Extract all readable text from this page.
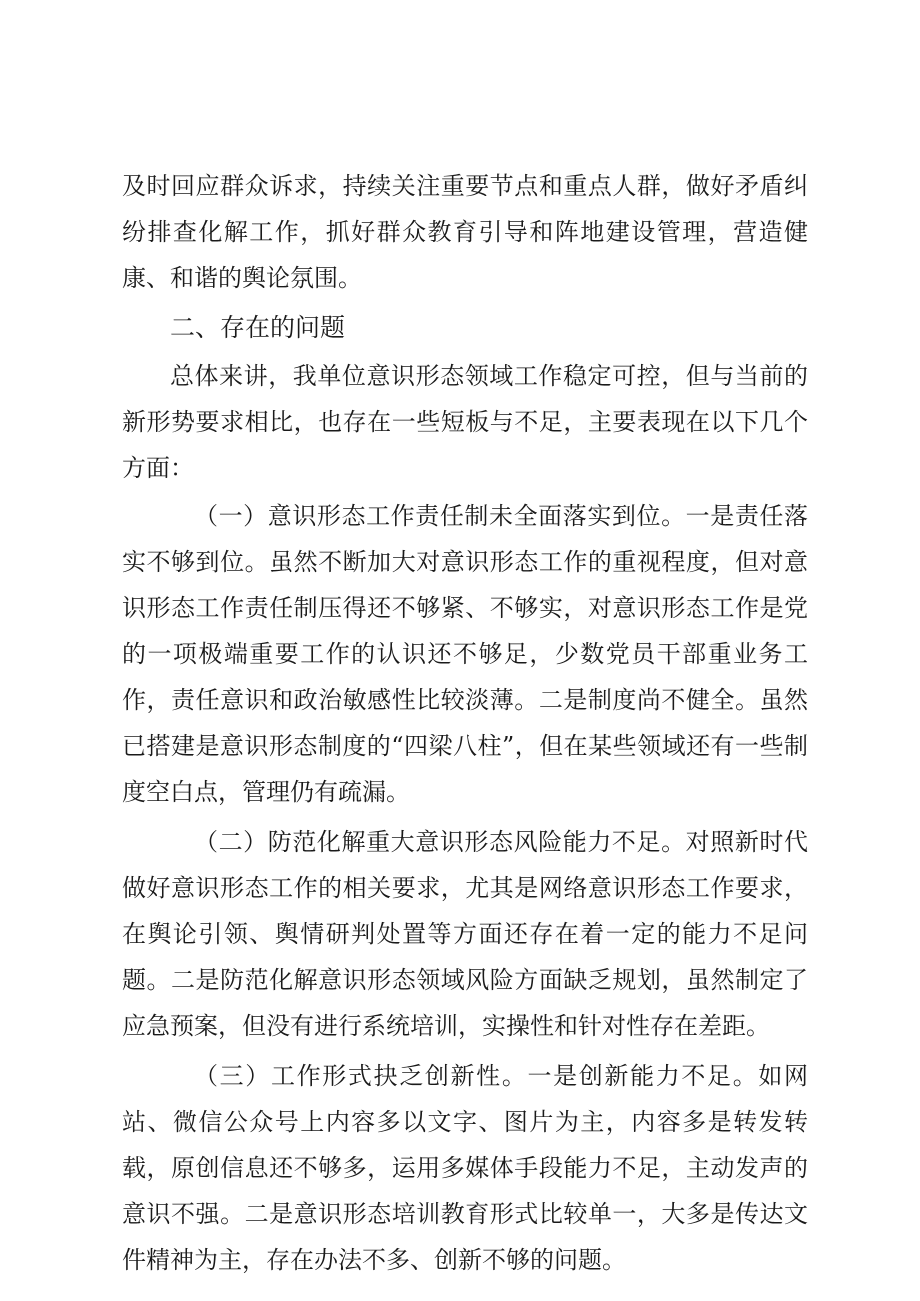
及时回应群众诉求，持续关注重要节点和重点人群，做好矛盾纠纷排查化解工作，抓好群众教育引导和阵地建设管理，营造健康、和谐的舆论氛围。

二、存在的问题

总体来讲，我单位意识形态领域工作稳定可控，但与当前的新形势要求相比，也存在一些短板与不足，主要表现在以下几个方面：

（一）意识形态工作责任制未全面落实到位。一是责任落实不够到位。虽然不断加大对意识形态工作的重视程度，但对意识形态工作责任制压得还不够紧、不够实，对意识形态工作是党的一项极端重要工作的认识还不够足，少数党员干部重业务工作，责任意识和政治敏感性比较淡薄。二是制度尚不健全。虽然已搭建是意识形态制度的“四梁八柱”，但在某些领域还有一些制度空白点，管理仍有疏漏。

（二）防范化解重大意识形态风险能力不足。对照新时代做好意识形态工作的相关要求，尤其是网络意识形态工作要求，在舆论引领、舆情研判处置等方面还存在着一定的能力不足问题。二是防范化解意识形态领域风险方面缺乏规划，虽然制定了应急预案，但没有进行系统培训，实操性和针对性存在差距。

（三）工作形式抉乏创新性。一是创新能力不足。如网站、微信公众号上内容多以文字、图片为主，内容多是转发转载，原创信息还不够多，运用多媒体手段能力不足，主动发声的意识不强。二是意识形态培训教育形式比较单一，大多是传达文件精神为主，存在办法不多、创新不够的问题。
